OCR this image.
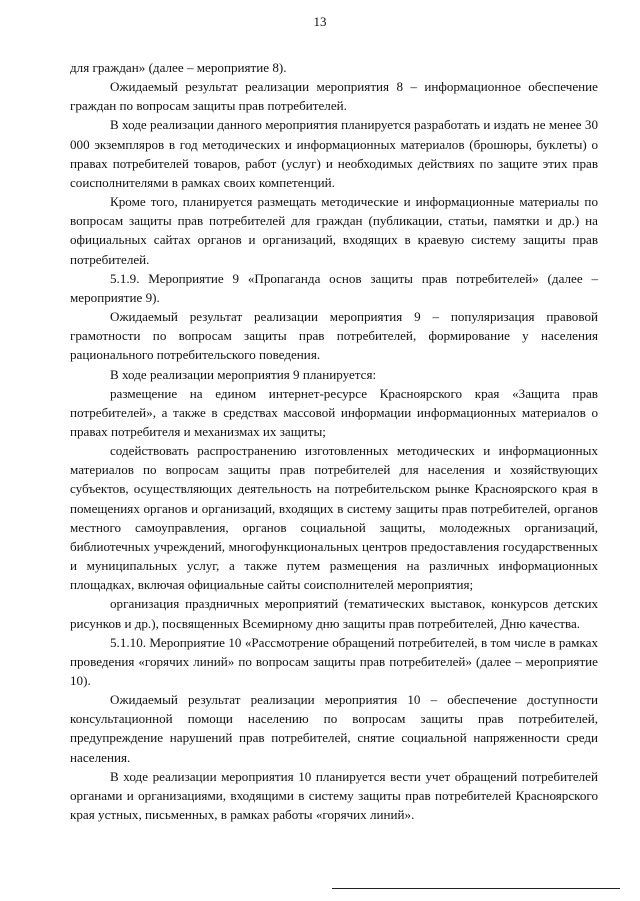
13

для граждан» (далее – мероприятие 8).

Ожидаемый результат реализации мероприятия 8 – информационное обеспечение граждан по вопросам защиты прав потребителей.

В ходе реализации данного мероприятия планируется разработать и издать не менее 30 000 экземпляров в год методических и информационных материалов (брошюры, буклеты) о правах потребителей товаров, работ (услуг) и необходимых действиях по защите этих прав соисполнителями в рамках своих компетенций.

Кроме того, планируется размещать методические и информационные материалы по вопросам защиты прав потребителей для граждан (публикации, статьи, памятки и др.) на официальных сайтах органов и организаций, входящих в краевую систему защиты прав потребителей.

5.1.9. Мероприятие 9 «Пропаганда основ защиты прав потребителей» (далее – мероприятие 9).

Ожидаемый результат реализации мероприятия 9 – популяризация правовой грамотности по вопросам защиты прав потребителей, формирование у населения рационального потребительского поведения.

В ходе реализации мероприятия 9 планируется:

размещение на едином интернет-ресурсе Красноярского края «Защита прав потребителей», а также в средствах массовой информации информационных материалов о правах потребителя и механизмах их защиты;

содействовать распространению изготовленных методических и информационных материалов по вопросам защиты прав потребителей для населения и хозяйствующих субъектов, осуществляющих деятельность на потребительском рынке Красноярского края в помещениях органов и организаций, входящих в систему защиты прав потребителей, органов местного самоуправления, органов социальной защиты, молодежных организаций, библиотечных учреждений, многофункциональных центров предоставления государственных и муниципальных услуг, а также путем размещения на различных информационных площадках, включая официальные сайты соисполнителей мероприятия;

организация праздничных мероприятий (тематических выставок, конкурсов детских рисунков и др.), посвященных Всемирному дню защиты прав потребителей, Дню качества.

5.1.10. Мероприятие 10 «Рассмотрение обращений потребителей, в том числе в рамках проведения «горячих линий» по вопросам защиты прав потребителей» (далее – мероприятие 10).

Ожидаемый результат реализации мероприятия 10 – обеспечение доступности консультационной помощи населению по вопросам защиты прав потребителей, предупреждение нарушений прав потребителей, снятие социальной напряженности среди населения.

В ходе реализации мероприятия 10 планируется вести учет обращений потребителей органами и организациями, входящими в систему защиты прав потребителей Красноярского края устных, письменных, в рамках работы «горячих линий».
